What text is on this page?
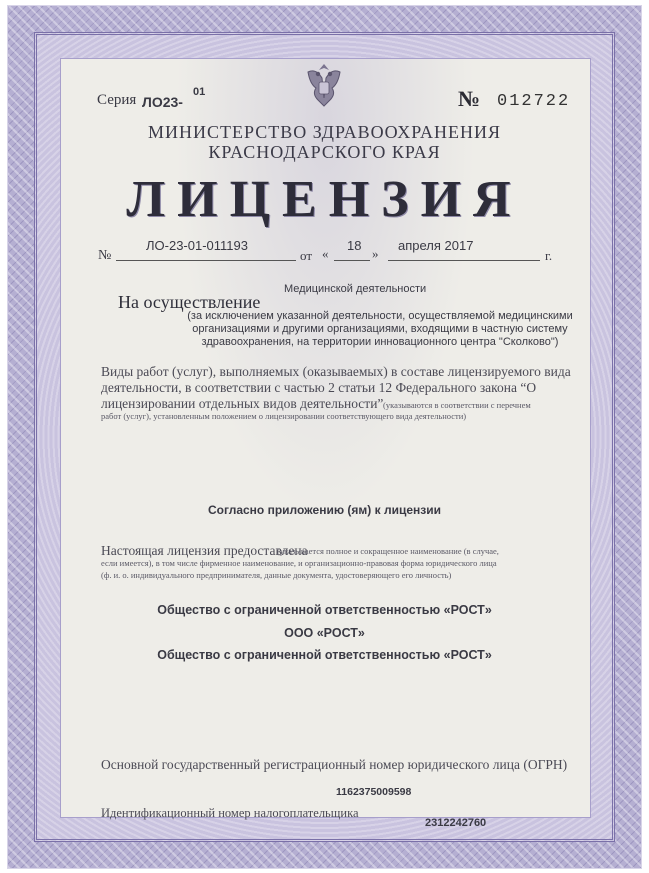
Серия ЛО23-
01	№ 012722
МИНИСТЕРСТВО ЗДРАВООХРАНЕНИЯ
КРАСНОДАРСКОГО КРАЯ
ЛИЦЕНЗИЯ
№
ЛО-23-01-011193
от «
18
»
апреля 2017
г.
Медицинской деятельности
На осуществление
(за исключением указанной деятельности, осуществляемой медицинскими
организациями и другими организациями, входящими в частную систему
здравоохранения, на территории инновационного центра "Сколково")
Виды работ (услуг), выполняемых (оказываемых) в составе лицензируемого вида
деятельности, в соответствии с частью 2 статьи 12 Федерального закона “О
лицензировании отдельных видов деятельности” (указываются в соответствии с перечнем
работ (услуг), установленным положением о лицензировании соответствующего вида деятельности)
Согласно приложению (ям) к лицензии
Настоящая лицензия предоставлена
(указывается полное и сокращенное наименование (в случае,
если имеется), в том числе фирменное наименование, и организационно-правовая форма юридического лица
(ф. и. о. индивидуального предпринимателя, данные документа, удостоверяющего его личность)
Общество с ограниченной ответственностью «РОСТ»
ООО «РОСТ»
Общество с ограниченной ответственностью «РОСТ»
Основной государственный регистрационный номер юридического лица (ОГРН)
1162375009598
Идентификационный номер налогоплательщика
2312242760
